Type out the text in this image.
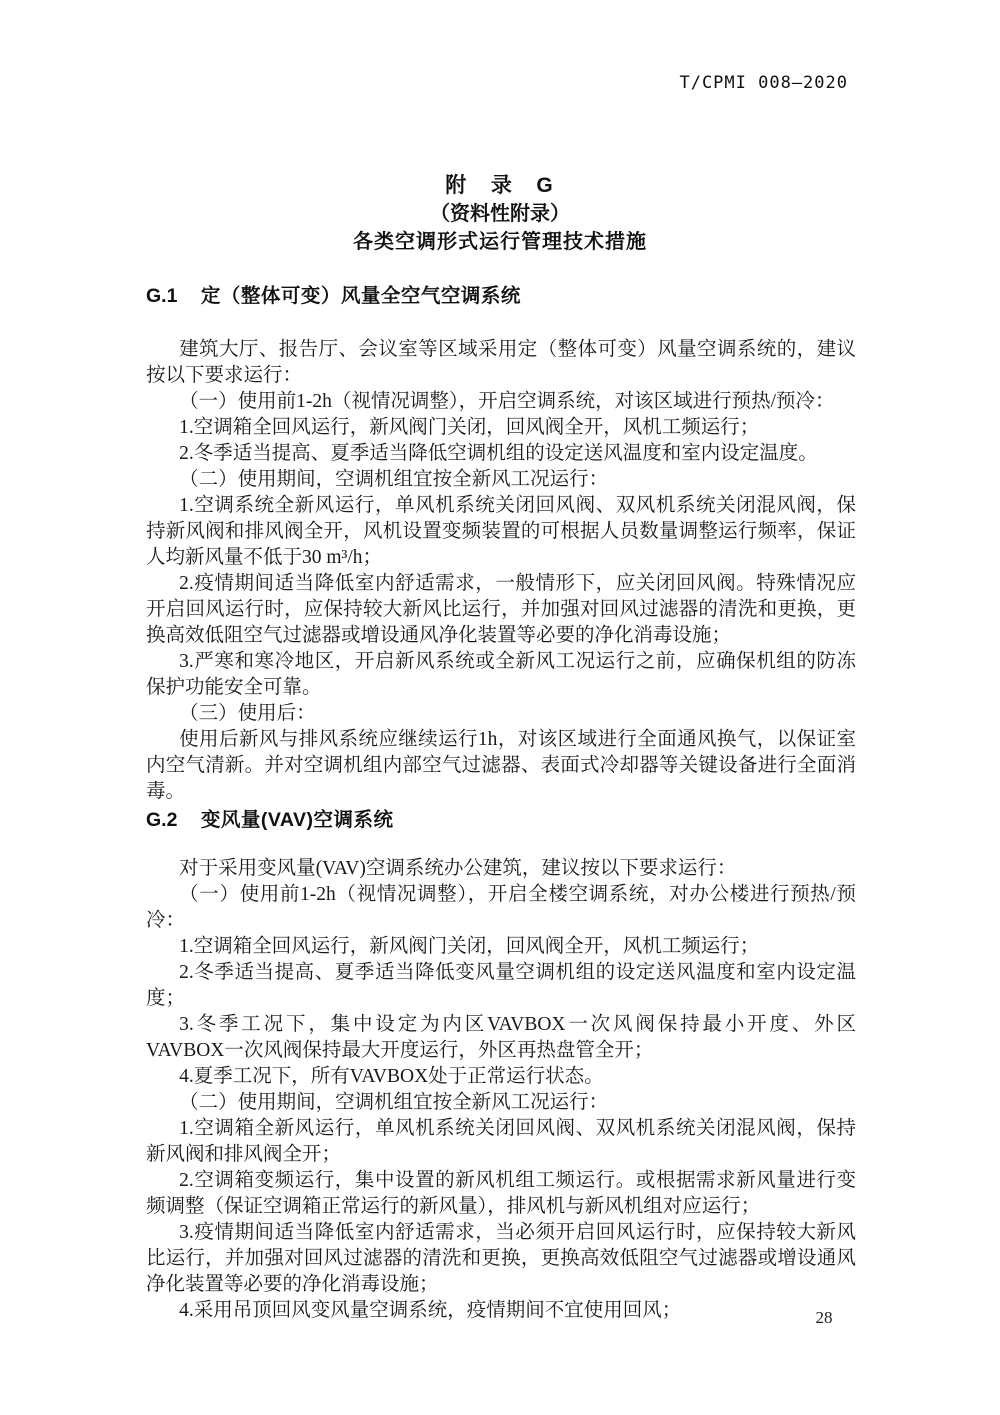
T/CPMI 008—2020
附 录 G
（资料性附录）
各类空调形式运行管理技术措施
G.1 定（整体可变）风量全空气空调系统

建筑大厅、报告厅、会议室等区域采用定（整体可变）风量空调系统的，建议按以下要求运行：

（一）使用前1-2h（视情况调整），开启空调系统，对该区域进行预热/预冷：

1.空调箱全回风运行，新风阀门关闭，回风阀全开，风机工频运行；

2.冬季适当提高、夏季适当降低空调机组的设定送风温度和室内设定温度。

（二）使用期间，空调机组宜按全新风工况运行：

1.空调系统全新风运行，单风机系统关闭回风阀、双风机系统关闭混风阀，保持新风阀和排风阀全开，风机设置变频装置的可根据人员数量调整运行频率，保证人均新风量不低于30 m³/h；

2.疫情期间适当降低室内舒适需求，一般情形下，应关闭回风阀。特殊情况应开启回风运行时，应保持较大新风比运行，并加强对回风过滤器的清洗和更换，更换高效低阻空气过滤器或增设通风净化装置等必要的净化消毒设施；

3.严寒和寒冷地区，开启新风系统或全新风工况运行之前，应确保机组的防冻保护功能安全可靠。

（三）使用后：

使用后新风与排风系统应继续运行1h，对该区域进行全面通风换气，以保证室内空气清新。并对空调机组内部空气过滤器、表面式冷却器等关键设备进行全面消毒。

G.2 变风量(VAV)空调系统

对于采用变风量(VAV)空调系统办公建筑，建议按以下要求运行：

（一）使用前1-2h（视情况调整），开启全楼空调系统，对办公楼进行预热/预冷：

1.空调箱全回风运行，新风阀门关闭，回风阀全开，风机工频运行；

2.冬季适当提高、夏季适当降低变风量空调机组的设定送风温度和室内设定温度；

3.冬季工况下，集中设定为内区VAVBOX一次风阀保持最小开度、外区VAVBOX一次风阀保持最大开度运行，外区再热盘管全开；

4.夏季工况下，所有VAVBOX处于正常运行状态。

（二）使用期间，空调机组宜按全新风工况运行：

1.空调箱全新风运行，单风机系统关闭回风阀、双风机系统关闭混风阀，保持新风阀和排风阀全开；

2.空调箱变频运行，集中设置的新风机组工频运行。或根据需求新风量进行变频调整（保证空调箱正常运行的新风量），排风机与新风机组对应运行；

3.疫情期间适当降低室内舒适需求，当必须开启回风运行时，应保持较大新风比运行，并加强对回风过滤器的清洗和更换，更换高效低阻空气过滤器或增设通风净化装置等必要的净化消毒设施；

4.采用吊顶回风变风量空调系统，疫情期间不宜使用回风；	28
